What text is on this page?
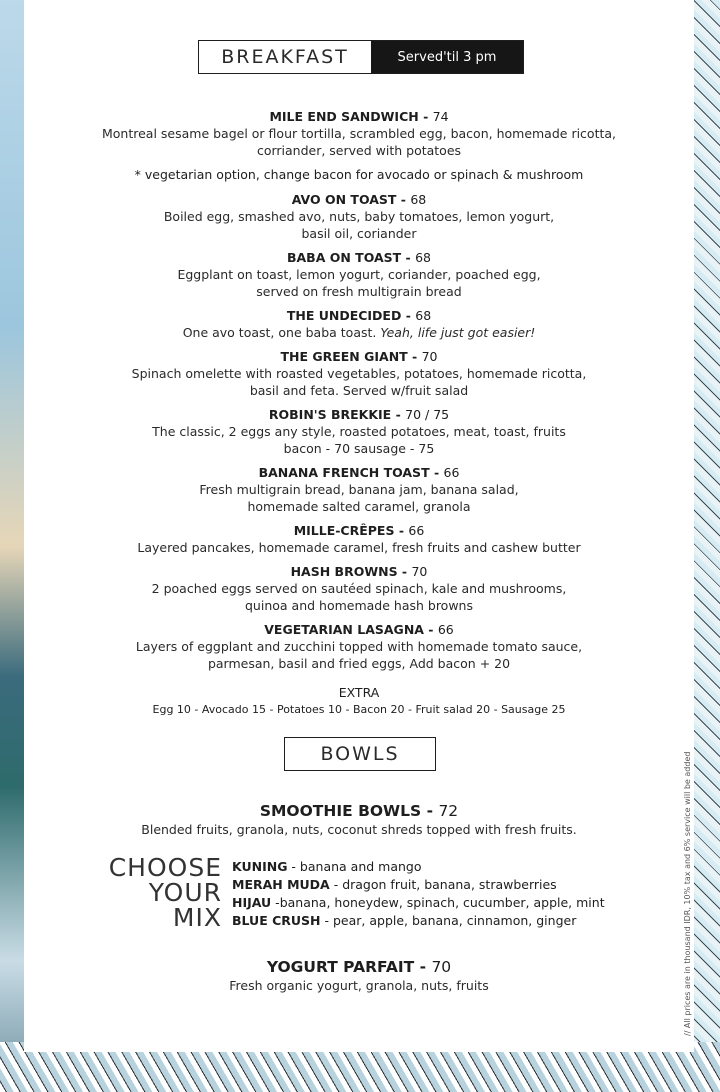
BREAKFAST	Served'til 3 pm
MILE END SANDWICH - 74
Montreal sesame bagel or flour tortilla, scrambled egg, bacon, homemade ricotta,
corriander, served with potatoes
* vegetarian option, change bacon for avocado or spinach & mushroom
AVO ON TOAST - 68
Boiled egg, smashed avo, nuts, baby tomatoes, lemon yogurt,
basil oil, coriander
BABA ON TOAST - 68
Eggplant on toast, lemon yogurt, coriander, poached egg,
served on fresh multigrain bread
THE UNDECIDED - 68
One avo toast, one baba toast. Yeah, life just got easier!
THE GREEN GIANT - 70
Spinach omelette with roasted vegetables, potatoes, homemade ricotta,
basil and feta. Served w/fruit salad
ROBIN'S BREKKIE - 70 / 75
The classic, 2 eggs any style, roasted potatoes, meat, toast, fruits
bacon - 70 sausage - 75
BANANA FRENCH TOAST - 66
Fresh multigrain bread, banana jam, banana salad,
homemade salted caramel, granola
MILLE-CRÊPES - 66
Layered pancakes, homemade caramel, fresh fruits and cashew butter
HASH BROWNS - 70
2 poached eggs served on sautéed spinach, kale and mushrooms,
quinoa and homemade hash browns
VEGETARIAN LASAGNA - 66
Layers of eggplant and zucchini topped with homemade tomato sauce,
parmesan, basil and fried eggs, Add bacon + 20
EXTRA
Egg 10 - Avocado 15 - Potatoes 10 - Bacon 20 - Fruit salad 20 - Sausage 25
BOWLS
SMOOTHIE BOWLS - 72
Blended fruits, granola, nuts, coconut shreds topped with fresh fruits.
CHOOSE
YOUR
MIX
KUNING - banana and mango
MERAH MUDA - dragon fruit, banana, strawberries
HIJAU -banana, honeydew, spinach, cucumber, apple, mint
BLUE CRUSH - pear, apple, banana, cinnamon, ginger
YOGURT PARFAIT - 70
Fresh organic yogurt, granola, nuts, fruits	// All prices are in thousand IDR, 10% tax and 6% service will be added
